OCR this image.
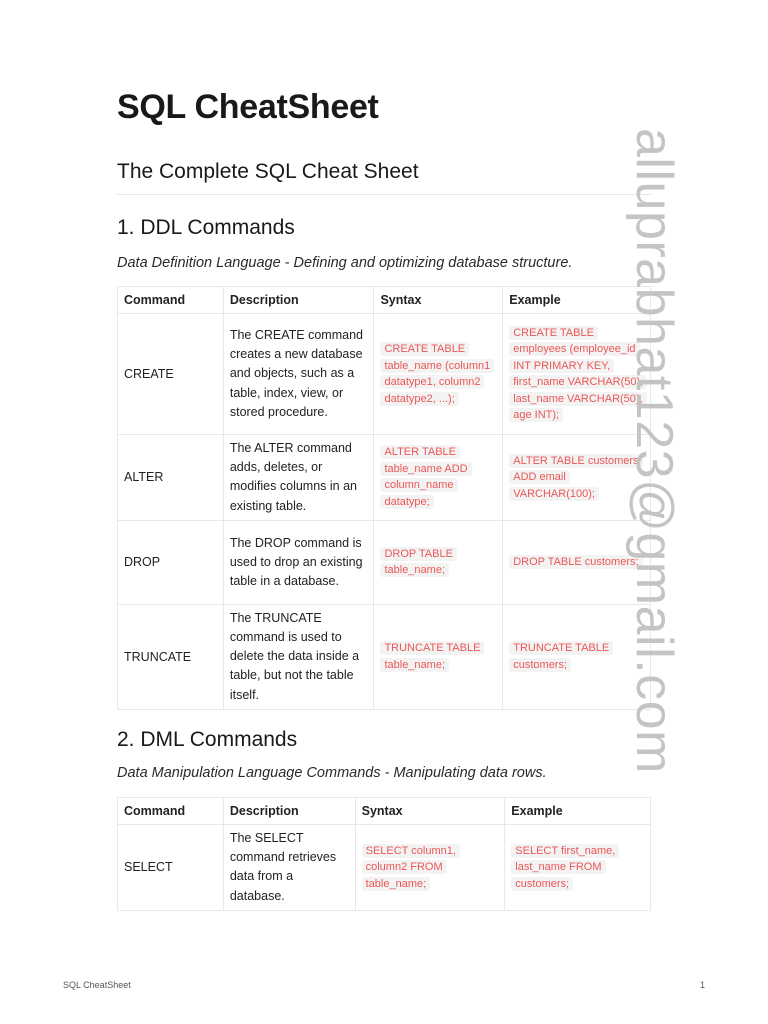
SQL CheatSheet
The Complete SQL Cheat Sheet
1. DDL Commands
Data Definition Language - Defining and optimizing database structure.
Command	Description	Syntax	Example
CREATE	The CREATE command creates a new database and objects, such as a table, index, view, or stored procedure.	CREATE TABLE table_name (column1 datatype1, column2 datatype2, ...);	CREATE TABLE employees (employee_id INT PRIMARY KEY, first_name VARCHAR(50), last_name VARCHAR(50), age INT);
ALTER	The ALTER command adds, deletes, or modifies columns in an existing table.	ALTER TABLE table_name ADD column_name datatype;	ALTER TABLE customers ADD email VARCHAR(100);
DROP	The DROP command is used to drop an existing table in a database.	DROP TABLE table_name;	DROP TABLE customers;
TRUNCATE	The TRUNCATE command is used to delete the data inside a table, but not the table itself.	TRUNCATE TABLE table_name;	TRUNCATE TABLE customers;
2. DML Commands
Data Manipulation Language Commands - Manipulating data rows.
Command	Description	Syntax	Example
SELECT	The SELECT command retrieves data from a database.	SELECT column1, column2 FROM table_name;	SELECT first_name, last_name FROM customers;
alluprabhat123@gmail.com
SQL CheatSheet	1
